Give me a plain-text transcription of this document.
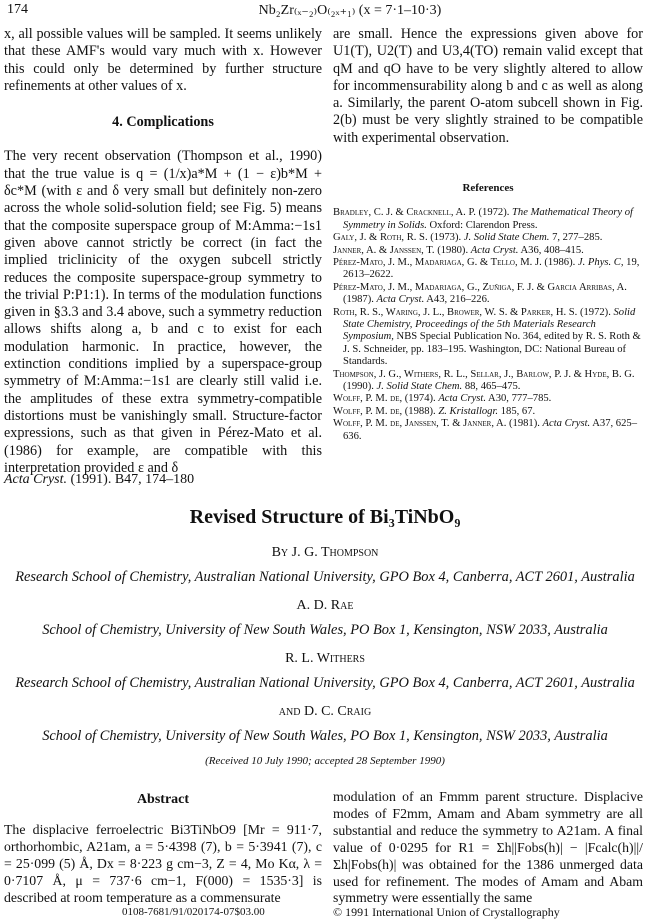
174	Nb₂Zr₍ₓ₋₂₎O₍₂ₓ₊₁₎ (x = 7·1–10·3)

x, all possible values will be sampled. It seems unlikely that these AMF's would vary much with x. However this could only be determined by further structure refinements at other values of x.

4. Complications

The very recent observation (Thompson et al., 1990) that the true value is q = (1/x)a*M + (1 − ε)b*M + δc*M (with ε and δ very small but definitely non-zero across the whole solid-solution field; see Fig. 5) means that the composite superspace group of M:Amma:−1s1 given above cannot strictly be correct (in fact the implied triclinicity of the oxygen subcell strictly reduces the composite superspace-group symmetry to the trivial P:P1:1). In terms of the modulation functions given in §3.3 and 3.4 above, such a symmetry reduction allows shifts along a, b and c to exist for each modulation harmonic. In practice, however, the extinction conditions implied by a superspace-group symmetry of M:Amma:−1s1 are clearly still valid i.e. the amplitudes of these extra symmetry-compatible distortions must be vanishingly small. Structure-factor expressions, such as that given in Pérez-Mato et al. (1986) for example, are compatible with this interpretation provided ε and δ

are small. Hence the expressions given above for U1(T), U2(T) and U3,4(TO) remain valid except that qM and qO have to be very slightly altered to allow for incommensurability along b and c as well as along a. Similarly, the parent O-atom subcell shown in Fig. 2(b) must be very slightly strained to be compatible with experimental observation.

References

Bradley, C. J. & Cracknell, A. P. (1972). The Mathematical Theory of Symmetry in Solids. Oxford: Clarendon Press.

Galy, J. & Roth, R. S. (1973). J. Solid State Chem. 7, 277–285.

Janner, A. & Janssen, T. (1980). Acta Cryst. A36, 408–415.

Pérez-Mato, J. M., Madariaga, G. & Tello, M. J. (1986). J. Phys. C, 19, 2613–2622.

Pérez-Mato, J. M., Madariaga, G., Zuñiga, F. J. & Garcia Arribas, A. (1987). Acta Cryst. A43, 216–226.

Roth, R. S., Waring, J. L., Brower, W. S. & Parker, H. S. (1972). Solid State Chemistry, Proceedings of the 5th Materials Research Symposium, NBS Special Publication No. 364, edited by R. S. Roth & J. S. Schneider, pp. 183–195. Washington, DC: National Bureau of Standards.

Thompson, J. G., Withers, R. L., Sellar, J., Barlow, P. J. & Hyde, B. G. (1990). J. Solid State Chem. 88, 465–475.

Wolff, P. M. de, (1974). Acta Cryst. A30, 777–785.

Wolff, P. M. de, (1988). Z. Kristallogr. 185, 67.

Wolff, P. M. de, Janssen, T. & Janner, A. (1981). Acta Cryst. A37, 625–636.

Acta Cryst. (1991). B47, 174–180
Revised Structure of Bi₃TiNbO₉
By J. G. Thompson
Research School of Chemistry, Australian National University, GPO Box 4, Canberra, ACT 2601, Australia
A. D. Rae
School of Chemistry, University of New South Wales, PO Box 1, Kensington, NSW 2033, Australia
R. L. Withers
Research School of Chemistry, Australian National University, GPO Box 4, Canberra, ACT 2601, Australia
and D. C. Craig
School of Chemistry, University of New South Wales, PO Box 1, Kensington, NSW 2033, Australia
(Received 10 July 1990; accepted 28 September 1990)
Abstract
The displacive ferroelectric Bi3TiNbO9 [Mr = 911·7, orthorhombic, A21am, a = 5·4398 (7), b = 5·3941 (7), c = 25·099 (5) Å, Dx = 8·223 g cm−3, Z = 4, Mo Kα, λ = 0·7107 Å, μ = 737·6 cm−1, F(000) = 1535·3] is described at room temperature as a commensurate
modulation of an Fmmm parent structure. Displacive modes of F2mm, Amam and Abam symmetry are all substantial and reduce the symmetry to A21am. A final value of 0·0295 for R1 = Σh||Fobs(h)| − |Fcalc(h)||/Σh|Fobs(h)| was obtained for the 1386 unmerged data used for refinement. The modes of Amam and Abam symmetry were essentially the same
0108-7681/91/020174-07$03.00	© 1991 International Union of Crystallography
